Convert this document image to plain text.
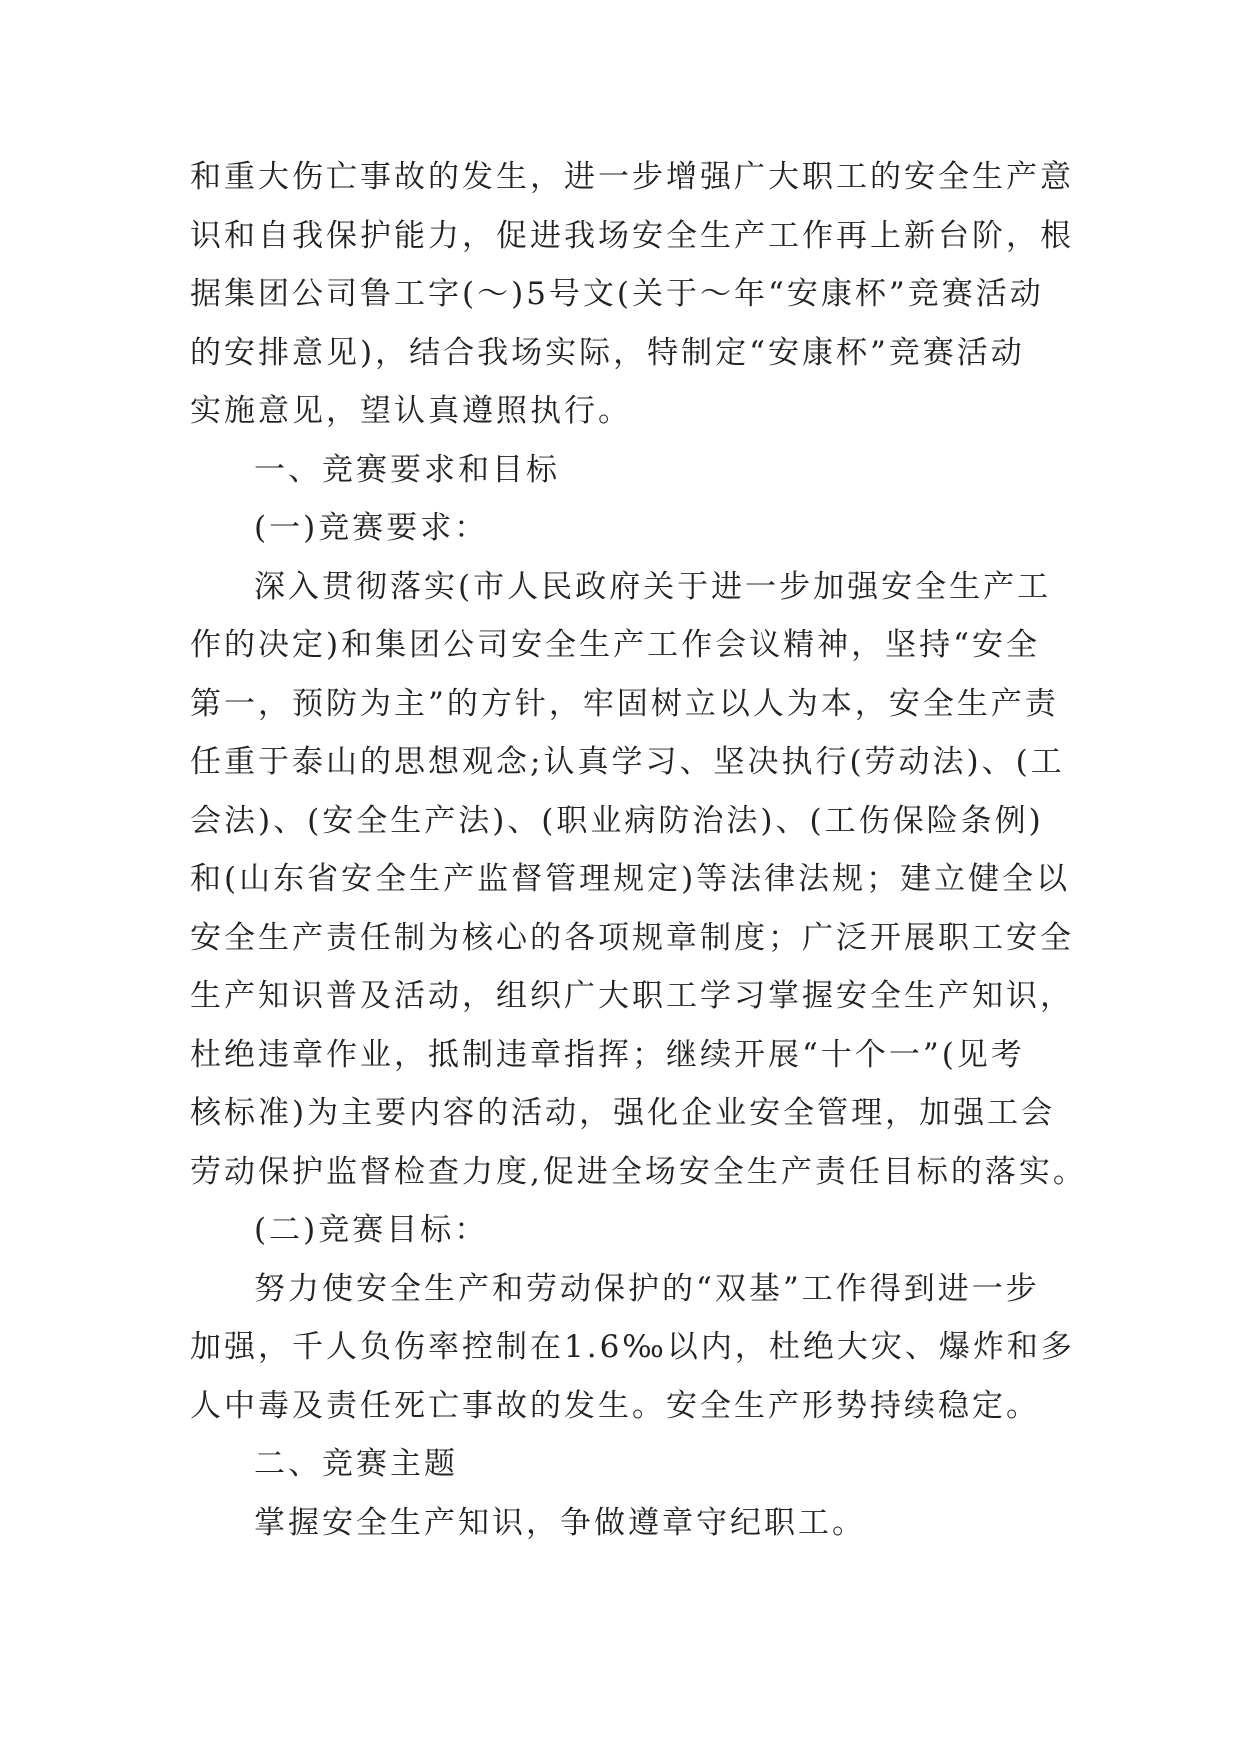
和重大伤亡事故的发生，进一步增强广大职工的安全生产意
识和自我保护能力，促进我场安全生产工作再上新台阶，根
据集团公司鲁工字(～)5号文(关于～年“安康杯”竞赛活动
的安排意见)，结合我场实际，特制定“安康杯”竞赛活动
实施意见，望认真遵照执行。
一、竞赛要求和目标
(一)竞赛要求：
深入贯彻落实(市人民政府关于进一步加强安全生产工
作的决定)和集团公司安全生产工作会议精神，坚持“安全
第一，预防为主”的方针，牢固树立以人为本，安全生产责
任重于泰山的思想观念;认真学习、坚决执行(劳动法)、(工
会法)、(安全生产法)、(职业病防治法)、(工伤保险条例)
和(山东省安全生产监督管理规定)等法律法规；建立健全以
安全生产责任制为核心的各项规章制度；广泛开展职工安全
生产知识普及活动，组织广大职工学习掌握安全生产知识，
杜绝违章作业，抵制违章指挥；继续开展“十个一”(见考
核标准)为主要内容的活动，强化企业安全管理，加强工会
劳动保护监督检查力度,促进全场安全生产责任目标的落实。
(二)竞赛目标：
努力使安全生产和劳动保护的“双基”工作得到进一步
加强，千人负伤率控制在1.6‰以内，杜绝大灾、爆炸和多
人中毒及责任死亡事故的发生。安全生产形势持续稳定。
二、竞赛主题
掌握安全生产知识，争做遵章守纪职工。
